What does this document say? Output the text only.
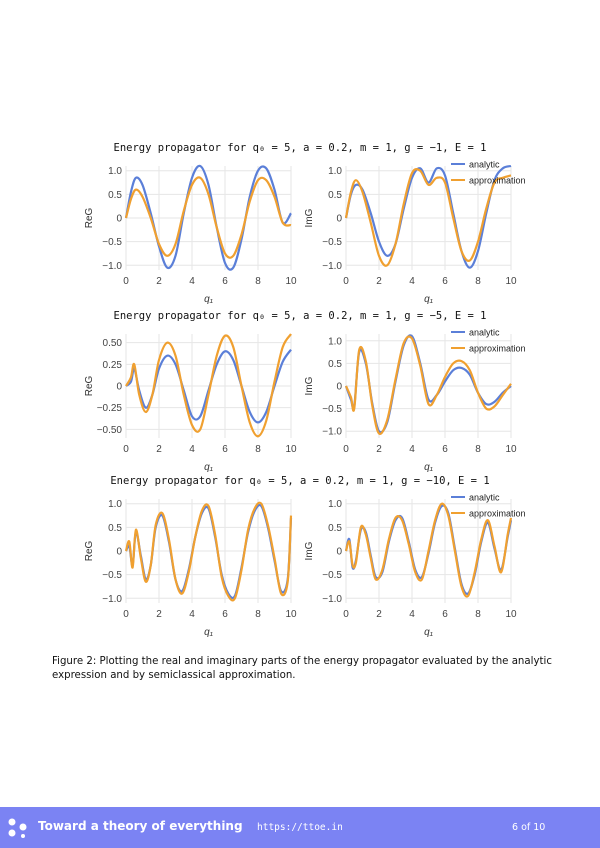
Energy propagator for q₀ = 5, a = 0.2, m = 1, g = −1, E = 1
Energy propagator for q₀ = 5, a = 0.2, m = 1, g = −5, E = 1
Energy propagator for q₀ = 5, a = 0.2, m = 1, g = −10, E = 1
1.0
0.5
0
−0.5
−1.0
0	2	4	6	8 10
q₁
ReG
1.0
0.5
0
−0.5
−1.0
0	2	4	6	8 10
q₁
ImG
analytic
approximation
0.50
0.25
0
−0.25
−0.50
0	2	4	6	8 10
q₁
ReG
1.0
0.5
0
−0.5
−1.0
0	2	4	6	8 10
q₁
ImG
analytic
approximation
1.0
0.5
0
−0.5
−1.0
0	2	4	6	8 10
q₁
ReG
1.0
0.5
0
−0.5
−1.0
0	2	4	6	8 10
q₁
ImG
analytic
approximation
Figure 2: Plotting the real and imaginary parts of the energy propagator evaluated by the analytic expression and by semiclassical approximation.
Toward a theory of everything https://ttoe.in	6 of 10
